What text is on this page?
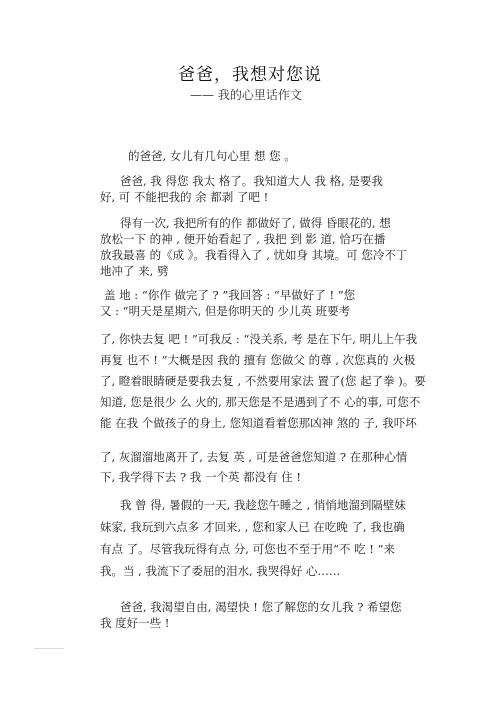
爸爸，我想对您说
—— 我的心里话作文
的爸爸, 女儿有几句心里 想 您 。
爸爸, 我 得您 我太 格了。我知道大人 我 格, 是要我
好, 可 不能把我的 余 都剥 了吧 !
得有一次, 我把所有的作 都做好了, 做得 昏眼花的, 想
放松一下 的神 , 便开始看起了 , 我把 到 影 道, 恰巧在播
放我最喜 的《成 》。我看得入了 , 忧如身 其境。可 您冷不丁
地冲了 来, 劈
盖 地 : “你作 做完了 ? ”我回答 : “早做好了 ! ”您
又 : “明天是星期六, 但是你明天的 少儿英 班要考
了, 你快去复 吧 ! ”可我反 : “没关系, 考 是在下午, 明儿上午我
再复 也不 ! ”大概是因 我的 擅有 您做父 的尊 , 次您真的 火极
了, 瞪着眼睛硬是要我去复 , 不然要用家法 置了(您 起了拳 )。要
知道, 您是很少 么 火的, 那天您是不是遇到了不 心的事, 可您不
能 在我 个做孩子的身上, 您知道看着您那凶神 煞的 子, 我吓坏
了, 灰溜溜地离开了, 去复 英 , 可是爸爸您知道 ? 在那种心情
下, 我学得下去 ? 我 一个英 都没有 住 !
我 曾 得, 暑假的一天, 我趁您午睡之 , 悄悄地溜到隔壁妹
妹家, 我玩到六点多 才回来, , 您和家人已 在吃晚 了, 我也确
有点 了。尽管我玩得有点 分, 可您也不至于用“不 吃 ! ”来
我。当 , 我流下了委屈的泪水, 我哭得好 心……
爸爸, 我渴望自由, 渴望快 ! 您了解您的女儿我 ? 希望您
我 度好一些 !
